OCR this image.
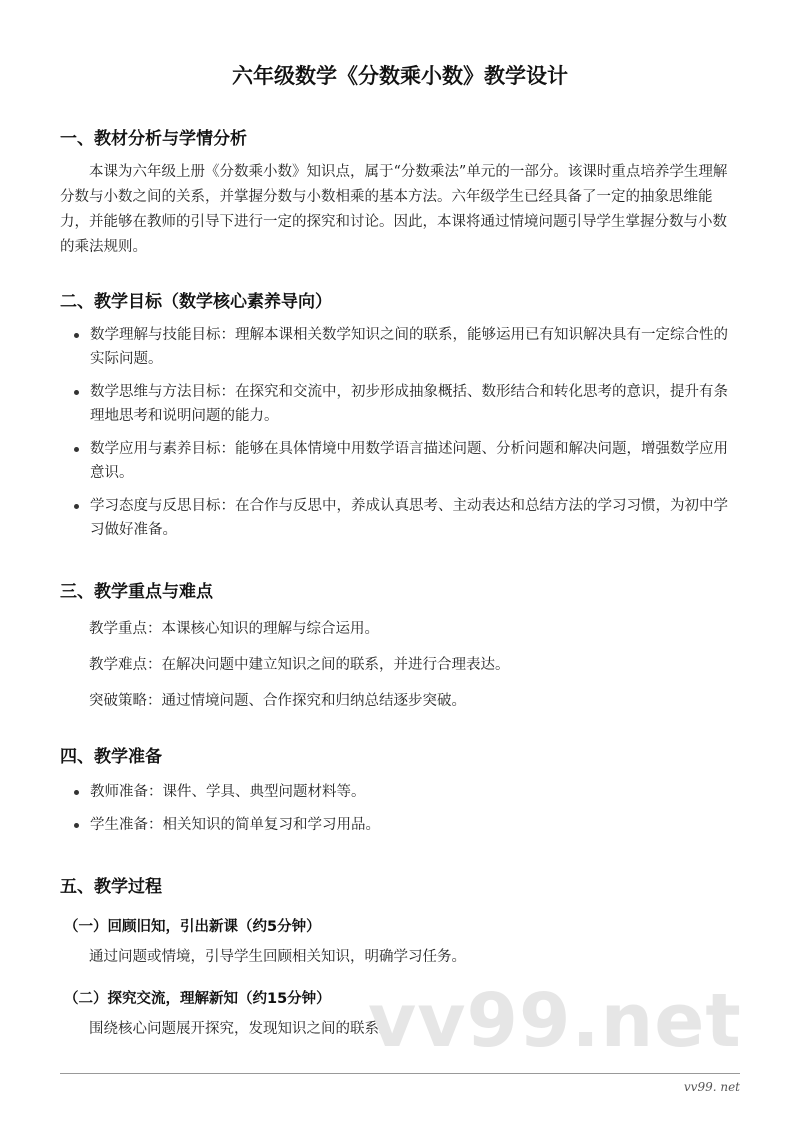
六年级数学《分数乘小数》教学设计
一、教材分析与学情分析
本课为六年级上册《分数乘小数》知识点，属于“分数乘法”单元的一部分。该课时重点培养学生理解分数与小数之间的关系，并掌握分数与小数相乘的基本方法。六年级学生已经具备了一定的抽象思维能力，并能够在教师的引导下进行一定的探究和讨论。因此，本课将通过情境问题引导学生掌握分数与小数的乘法规则。
二、教学目标（数学核心素养导向）
数学理解与技能目标：理解本课相关数学知识之间的联系，能够运用已有知识解决具有一定综合性的实际问题。
数学思维与方法目标：在探究和交流中，初步形成抽象概括、数形结合和转化思考的意识，提升有条理地思考和说明问题的能力。
数学应用与素养目标：能够在具体情境中用数学语言描述问题、分析问题和解决问题，增强数学应用意识。
学习态度与反思目标：在合作与反思中，养成认真思考、主动表达和总结方法的学习习惯，为初中学习做好准备。
三、教学重点与难点
教学重点：本课核心知识的理解与综合运用。
教学难点：在解决问题中建立知识之间的联系，并进行合理表达。
突破策略：通过情境问题、合作探究和归纳总结逐步突破。
四、教学准备
教师准备：课件、学具、典型问题材料等。
学生准备：相关知识的简单复习和学习用品。
五、教学过程
（一）回顾旧知，引出新课（约5分钟）
通过问题或情境，引导学生回顾相关知识，明确学习任务。
（二）探究交流，理解新知（约15分钟）
围绕核心问题展开探究，发现知识之间的联系。
vv99.net
vv99. net
